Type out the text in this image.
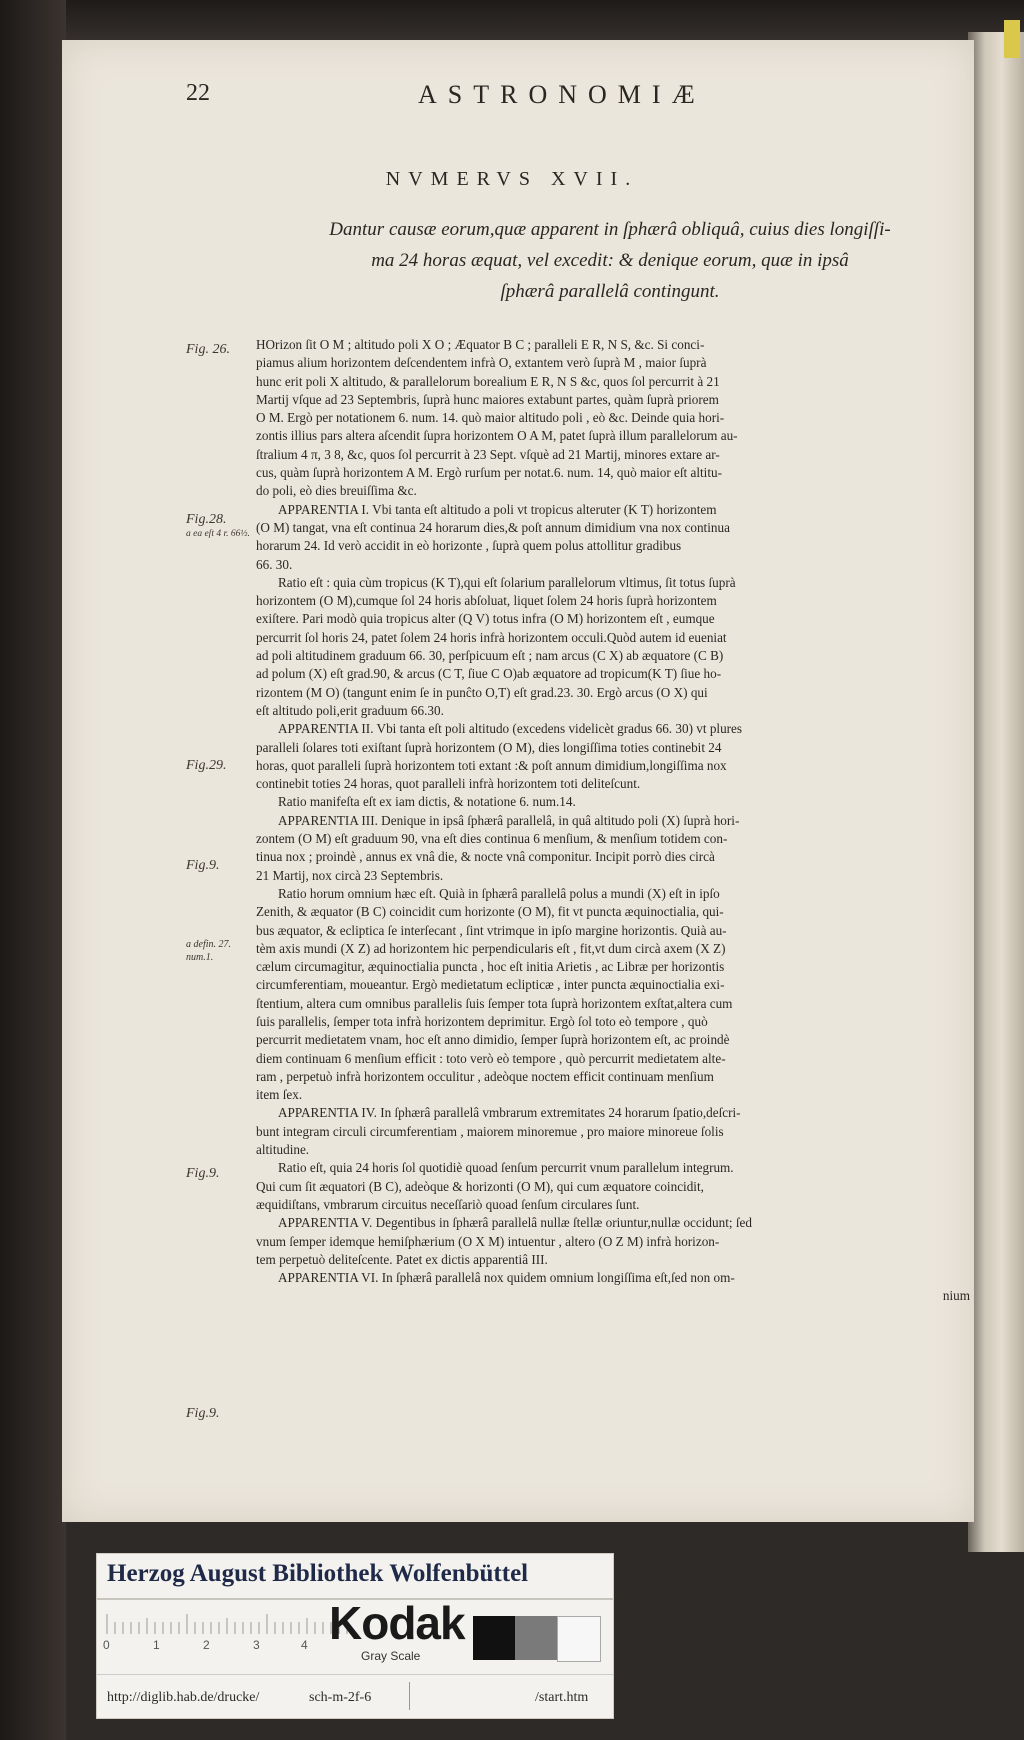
22	ASTRONOMIÆ
NVMERVS XVII.
Dantur causæ eorum,quæ apparent in ſphærâ obliquâ, cuius dies longiſſi-
ma 24 horas æquat, vel excedit: & denique eorum, quæ in ipsâ
ſphærâ parallelâ contingunt.
Fig. 26.
Fig.28.
a ea eſt 4 r. 66½.
Fig.29.
Fig.9.
a defin. 27. num.1.
Fig.9.
Fig.9.
HOrizon ſit O M ; altitudo poli X O ; Æquator B C ; paralleli E R, N S, &c. Si conci-
piamus alium horizontem deſcendentem infrà O, extantem verò ſuprà M , maior ſuprà
hunc erit poli X altitudo, & parallelorum borealium E R, N S &c, quos ſol percurrit à 21
Martij vſque ad 23 Septembris, ſuprà hunc maiores extabunt partes, quàm ſuprà priorem
O M. Ergò per notationem 6. num. 14. quò maior altitudo poli , eò &c. Deinde quia hori-
zontis illius pars altera aſcendit ſupra horizontem O A M, patet ſuprà illum parallelorum au-
ſtralium 4 π, 3 8, &c, quos ſol percurrit à 23 Sept. vſquè ad 21 Martij, minores extare ar-
cus, quàm ſuprà horizontem A M. Ergò rurſum per notat.6. num. 14, quò maior eſt altitu-
do poli, eò dies breuiſſima &c.
APPARENTIA I. Vbi tanta eſt altitudo a poli vt tropicus alteruter (K T) horizontem
(O M) tangat, vna eſt continua 24 horarum dies,& poſt annum dimidium vna nox continua
horarum 24. Id verò accidit in eò horizonte , ſuprà quem polus attollitur gradibus
66. 30.
Ratio eſt : quia cùm tropicus (K T),qui eſt ſolarium parallelorum vltimus, ſit totus ſuprà
horizontem (O M),cumque ſol 24 horis abſoluat, liquet ſolem 24 horis ſuprà horizontem
exiſtere. Pari modò quia tropicus alter (Q V) totus infra (O M) horizontem eſt , eumque
percurrit ſol horis 24, patet ſolem 24 horis infrà horizontem occuli.Quòd autem id eueniat
ad poli altitudinem graduum 66. 30, perſpicuum eſt ; nam arcus (C X) ab æquatore (C B)
ad polum (X) eſt grad.90, & arcus (C T, ſiue C O)ab æquatore ad tropicum(K T) ſiue ho-
rizontem (M O) (tangunt enim ſe in punĉto O,T) eſt grad.23. 30. Ergò arcus (O X) qui
eſt altitudo poli,erit graduum 66.30.
APPARENTIA II. Vbi tanta eſt poli altitudo (excedens videlicèt gradus 66. 30) vt plures
paralleli ſolares toti exiſtant ſuprà horizontem (O M), dies longiſſima toties continebit 24
horas, quot paralleli ſuprà horizontem toti extant :& poſt annum dimidium,longiſſima nox
continebit toties 24 horas, quot paralleli infrà horizontem toti deliteſcunt.
Ratio manifeſta eſt ex iam dictis, & notatione 6. num.14.
APPARENTIA III. Denique in ipsâ ſphærâ parallelâ, in quâ altitudo poli (X) ſuprà hori-
zontem (O M) eſt graduum 90, vna eſt dies continua 6 menſium, & menſium totidem con-
tinua nox ; proindè , annus ex vnâ die, & nocte vnâ componitur. Incipit porrò dies circà
21 Martij, nox circà 23 Septembris.
Ratio horum omnium hæc eſt. Quià in ſphærâ parallelâ polus a mundi (X) eſt in ipſo
Zenith, & æquator (B C) coincidit cum horizonte (O M), fit vt puncta æquinoctialia, qui-
bus æquator, & ecliptica ſe interſecant , ſint vtrimque in ipſo margine horizontis. Quià au-
tèm axis mundi (X Z) ad horizontem hic perpendicularis eſt , fit,vt dum circà axem (X Z)
cælum circumagitur, æquinoctialia puncta , hoc eſt initia Arietis , ac Libræ per horizontis
circumferentiam, moueantur. Ergò medietatum eclipticæ , inter puncta æquinoctialia exi-
ſtentium, altera cum omnibus parallelis ſuis ſemper tota ſuprà horizontem exſtat,altera cum
ſuis parallelis, ſemper tota infrà horizontem deprimitur. Ergò ſol toto eò tempore , quò
percurrit medietatem vnam, hoc eſt anno dimidio, ſemper ſuprà horizontem eſt, ac proindè
diem continuam 6 menſium efficit : toto verò eò tempore , quò percurrit medietatem alte-
ram , perpetuò infrà horizontem occulitur , adeòque noctem efficit continuam menſium
item ſex.
APPARENTIA IV. In ſphærâ parallelâ vmbrarum extremitates 24 horarum ſpatio,deſcri-
bunt integram circuli circumferentiam , maiorem minoremue , pro maiore minoreue ſolis
altitudine.
Ratio eſt, quia 24 horis ſol quotidiè quoad ſenſum percurrit vnum parallelum integrum.
Qui cum ſit æquatori (B C), adeòque & horizonti (O M), qui cum æquatore coincidit,
æquidiſtans, vmbrarum circuitus neceſſariò quoad ſenſum circulares ſunt.
APPARENTIA V. Degentibus in ſphærâ parallelâ nullæ ſtellæ oriuntur,nullæ occidunt; ſed
vnum ſemper idemque hemiſphærium (O X M) intuentur , altero (O Z M) infrà horizon-
tem perpetuò deliteſcente. Patet ex dictis apparentiâ III.
APPARENTIA VI. In ſphærâ parallelâ nox quidem omnium longiſſima eſt,ſed non om-
nium
Herzog August Bibliothek Wolfenbüttel
0	1	2	3	4 Kodak
Gray Scale
http://diglib.hab.de/drucke/	sch-m-2f-6	/start.htm
